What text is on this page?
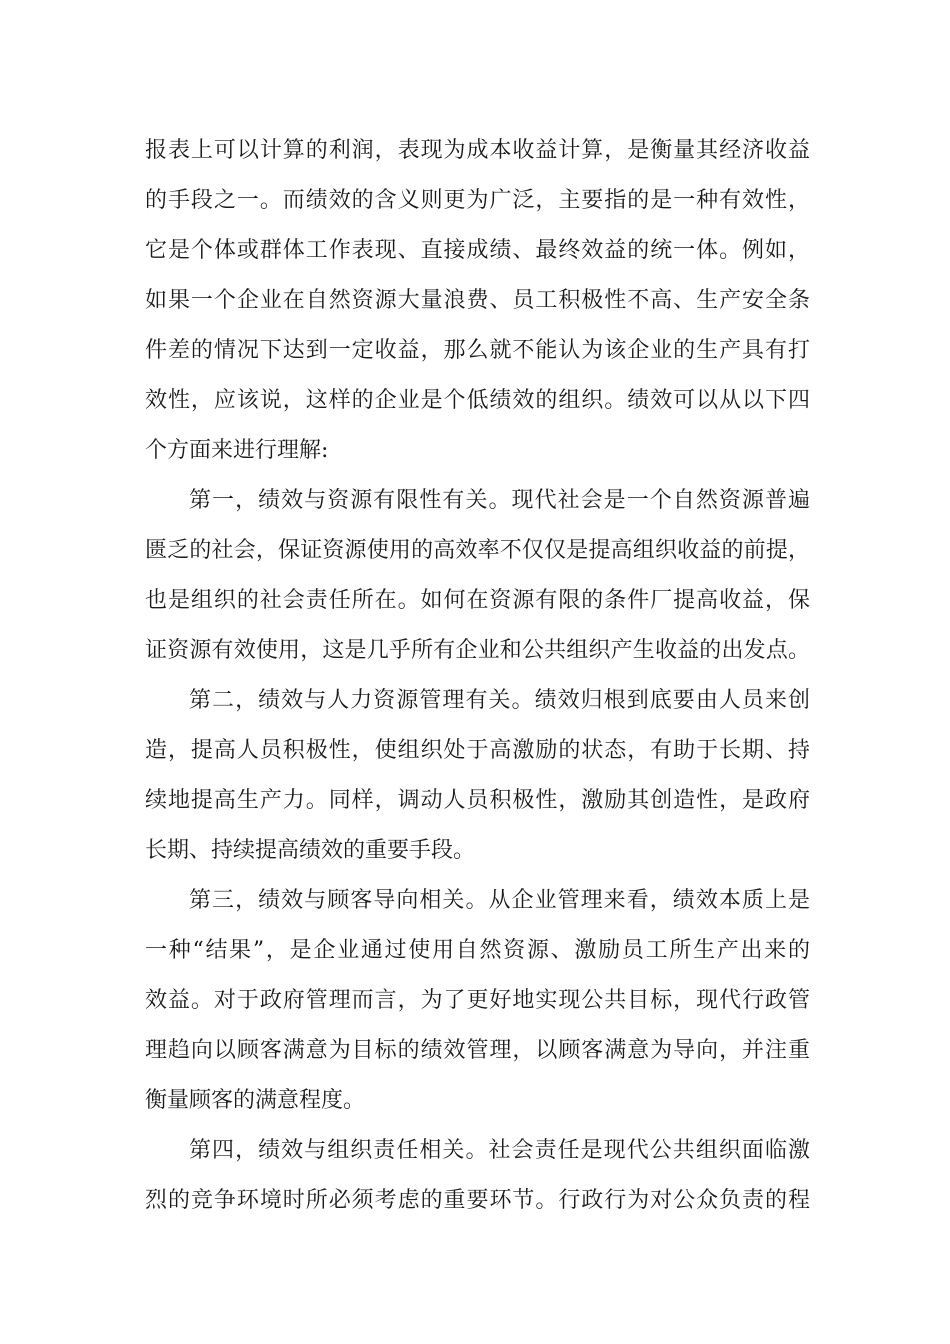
报表上可以计算的利润，表现为成本收益计算，是衡量其经济收益
的手段之一。而绩效的含义则更为广泛，主要指的是一种有效性，
它是个体或群体工作表现、直接成绩、最终效益的统一体。例如，
如果一个企业在自然资源大量浪费、员工积极性不高、生产安全条
件差的情况下达到一定收益，那么就不能认为该企业的生产具有打
效性，应该说，这样的企业是个低绩效的组织。绩效可以从以下四
个方面来进行理解:
第一，绩效与资源有限性有关。现代社会是一个自然资源普遍
匮乏的社会，保证资源使用的高效率不仅仅是提高组织收益的前提，
也是组织的社会责任所在。如何在资源有限的条件厂提高收益，保
证资源有效使用，这是几乎所有企业和公共组织产生收益的出发点。
第二，绩效与人力资源管理有关。绩效归根到底要由人员来创
造，提高人员积极性，使组织处于高激励的状态，有助于长期、持
续地提高生产力。同样，调动人员积极性，激励其创造性，是政府
长期、持续提高绩效的重要手段。
第三，绩效与顾客导向相关。从企业管理来看，绩效本质上是
一种“结果”，是企业通过使用自然资源、激励员工所生产出来的
效益。对于政府管理而言，为了更好地实现公共目标，现代行政管
理趋向以顾客满意为目标的绩效管理，以顾客满意为导向，并注重
衡量顾客的满意程度。
第四，绩效与组织责任相关。社会责任是现代公共组织面临激
烈的竞争环境时所必须考虑的重要环节。行政行为对公众负责的程
